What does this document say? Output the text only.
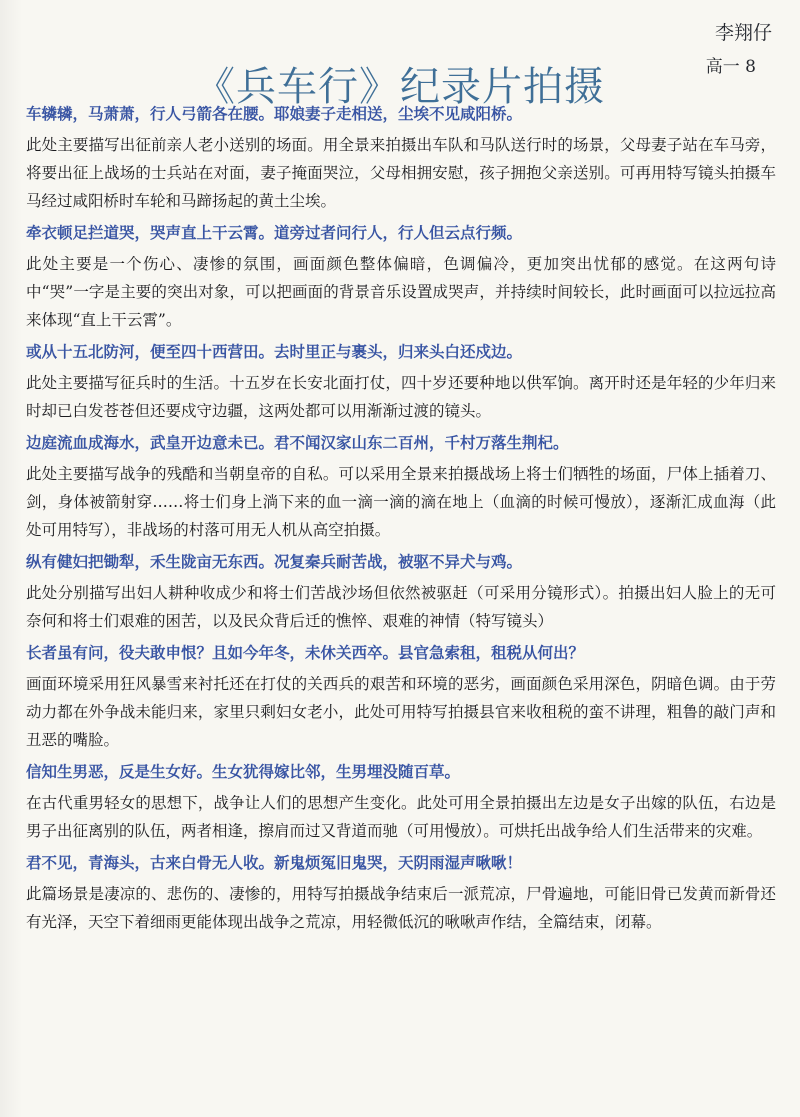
《兵车行》纪录片拍摄
李翔仔
高一 8

车辚辚，马萧萧，行人弓箭各在腰。耶娘妻子走相送，尘埃不见咸阳桥。

此处主要描写出征前亲人老小送别的场面。用全景来拍摄出车队和马队送行时的场景，父母妻子站在车马旁，将要出征上战场的士兵站在对面，妻子掩面哭泣，父母相拥安慰，孩子拥抱父亲送别。可再用特写镜头拍摄车马经过咸阳桥时车轮和马蹄扬起的黄土尘埃。

牵衣顿足拦道哭，哭声直上干云霄。道旁过者问行人，行人但云点行频。

此处主要是一个伤心、凄惨的氛围，画面颜色整体偏暗，色调偏冷，更加突出忧郁的感觉。在这两句诗中“哭”一字是主要的突出对象，可以把画面的背景音乐设置成哭声，并持续时间较长，此时画面可以拉远拉高来体现“直上干云霄”。

或从十五北防河，便至四十西营田。去时里正与裹头，归来头白还戍边。

此处主要描写征兵时的生活。十五岁在长安北面打仗，四十岁还要种地以供军饷。离开时还是年轻的少年归来时却已白发苍苍但还要戍守边疆，这两处都可以用渐渐过渡的镜头。

边庭流血成海水，武皇开边意未已。君不闻汉家山东二百州，千村万落生荆杞。

此处主要描写战争的残酷和当朝皇帝的自私。可以采用全景来拍摄战场上将士们牺牲的场面，尸体上插着刀、剑，身体被箭射穿……将士们身上淌下来的血一滴一滴的滴在地上（血滴的时候可慢放），逐渐汇成血海（此处可用特写），非战场的村落可用无人机从高空拍摄。

纵有健妇把锄犁，禾生陇亩无东西。况复秦兵耐苦战，被驱不异犬与鸡。

此处分别描写出妇人耕种收成少和将士们苦战沙场但依然被驱赶（可采用分镜形式）。拍摄出妇人脸上的无可奈何和将士们艰难的困苦，以及民众背后迁的憔悴、艰难的神情（特写镜头）

长者虽有问，役夫敢申恨？且如今年冬，未休关西卒。县官急索租，租税从何出？

画面环境采用狂风暴雪来衬托还在打仗的关西兵的艰苦和环境的恶劣，画面颜色采用深色，阴暗色调。由于劳动力都在外争战未能归来，家里只剩妇女老小，此处可用特写拍摄县官来收租税的蛮不讲理，粗鲁的敲门声和丑恶的嘴脸。

信知生男恶，反是生女好。生女犹得嫁比邻，生男埋没随百草。

在古代重男轻女的思想下，战争让人们的思想产生变化。此处可用全景拍摄出左边是女子出嫁的队伍，右边是男子出征离别的队伍，两者相逢，擦肩而过又背道而驰（可用慢放）。可烘托出战争给人们生活带来的灾难。

君不见，青海头，古来白骨无人收。新鬼烦冤旧鬼哭，天阴雨湿声啾啾！

此篇场景是凄凉的、悲伤的、凄惨的，用特写拍摄战争结束后一派荒凉，尸骨遍地，可能旧骨已发黄而新骨还有光泽，天空下着细雨更能体现出战争之荒凉，用轻微低沉的啾啾声作结，全篇结束，闭幕。
